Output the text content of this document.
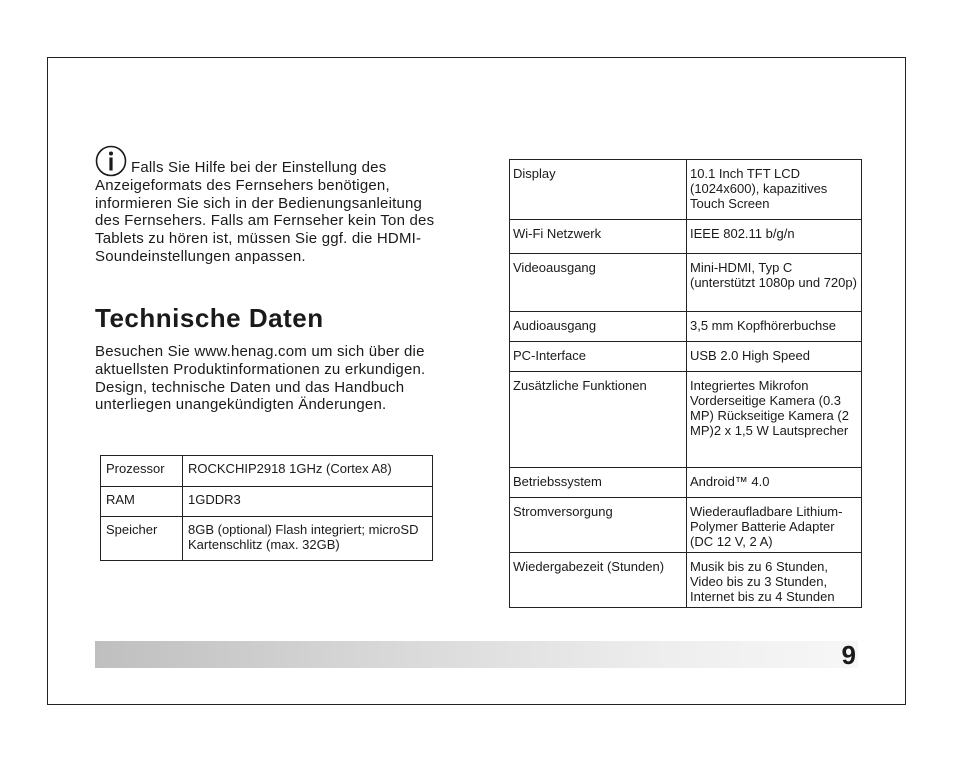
Falls Sie Hilfe bei der Einstellung des Anzeigeformats des Fernsehers benötigen, informieren Sie sich in der Bedienungsanleitung des Fernsehers. Falls am Fernseher kein Ton des Tablets zu hören ist, müssen Sie ggf. die HDMI-Soundeinstellungen anpassen.
Technische Daten
Besuchen Sie www.henag.com um sich über die aktuellsten Produktinformationen zu erkundigen. Design, technische Daten und das Handbuch unterliegen unangekündigten Änderungen.
Prozessor	ROCKCHIP2918 1GHz (Cortex A8)
RAM	1GDDR3
Speicher	8GB (optional) Flash integriert; microSD Kartenschlitz (max. 32GB)
Display	10.1 Inch TFT LCD (1024x600), kapazitives Touch Screen
Wi-Fi Netzwerk	IEEE 802.11 b/g/n
Videoausgang	Mini-HDMI, Typ C (unterstützt 1080p und 720p)
Audioausgang	3,5 mm Kopfhörerbuchse
PC-Interface	USB 2.0 High Speed
Zusätzliche Funktionen	Integriertes Mikrofon Vorderseitige Kamera (0.3 MP) Rückseitige Kamera (2 MP)2 x 1,5 W Lautsprecher
Betriebssystem	Android™ 4.0
Stromversorgung	Wiederaufladbare Lithium-Polymer Batterie Adapter (DC 12 V, 2 A)
Wiedergabezeit (Stunden)	Musik bis zu 6 Stunden, Video bis zu 3 Stunden, Internet bis zu 4 Stunden
9
